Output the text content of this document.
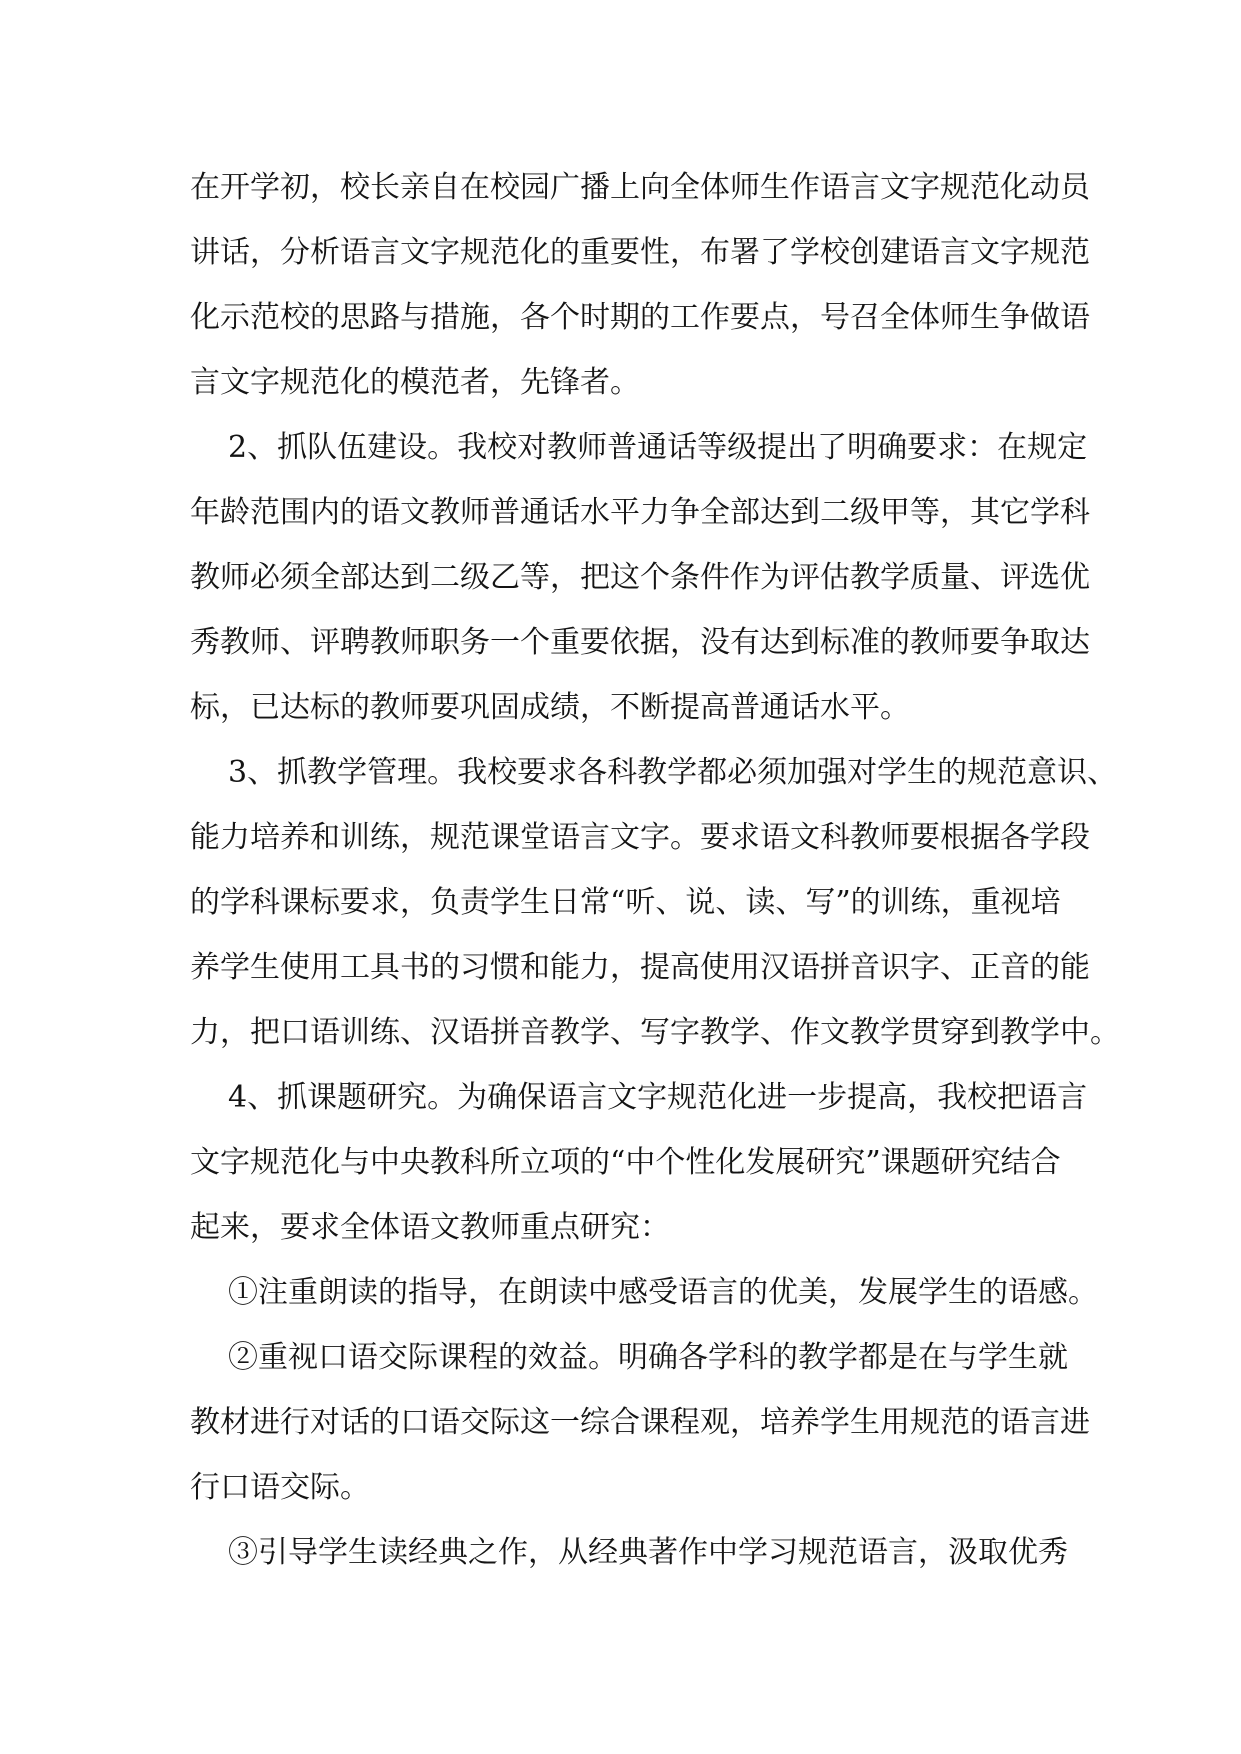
在开学初，校长亲自在校园广播上向全体师生作语言文字规范化动员
讲话，分析语言文字规范化的重要性，布署了学校创建语言文字规范
化示范校的思路与措施，各个时期的工作要点，号召全体师生争做语
言文字规范化的模范者，先锋者。
2、抓队伍建设。我校对教师普通话等级提出了明确要求：在规定
年龄范围内的语文教师普通话水平力争全部达到二级甲等，其它学科
教师必须全部达到二级乙等，把这个条件作为评估教学质量、评选优
秀教师、评聘教师职务一个重要依据，没有达到标准的教师要争取达
标，已达标的教师要巩固成绩，不断提高普通话水平。
3、抓教学管理。我校要求各科教学都必须加强对学生的规范意识、
能力培养和训练，规范课堂语言文字。要求语文科教师要根据各学段
的学科课标要求，负责学生日常“听、说、读、写”的训练，重视培
养学生使用工具书的习惯和能力，提高使用汉语拼音识字、正音的能
力，把口语训练、汉语拼音教学、写字教学、作文教学贯穿到教学中。
4、抓课题研究。为确保语言文字规范化进一步提高，我校把语言
文字规范化与中央教科所立项的“中个性化发展研究”课题研究结合
起来，要求全体语文教师重点研究：
①注重朗读的指导，在朗读中感受语言的优美，发展学生的语感。
②重视口语交际课程的效益。明确各学科的教学都是在与学生就
教材进行对话的口语交际这一综合课程观，培养学生用规范的语言进
行口语交际。
③引导学生读经典之作，从经典著作中学习规范语言，汲取优秀
